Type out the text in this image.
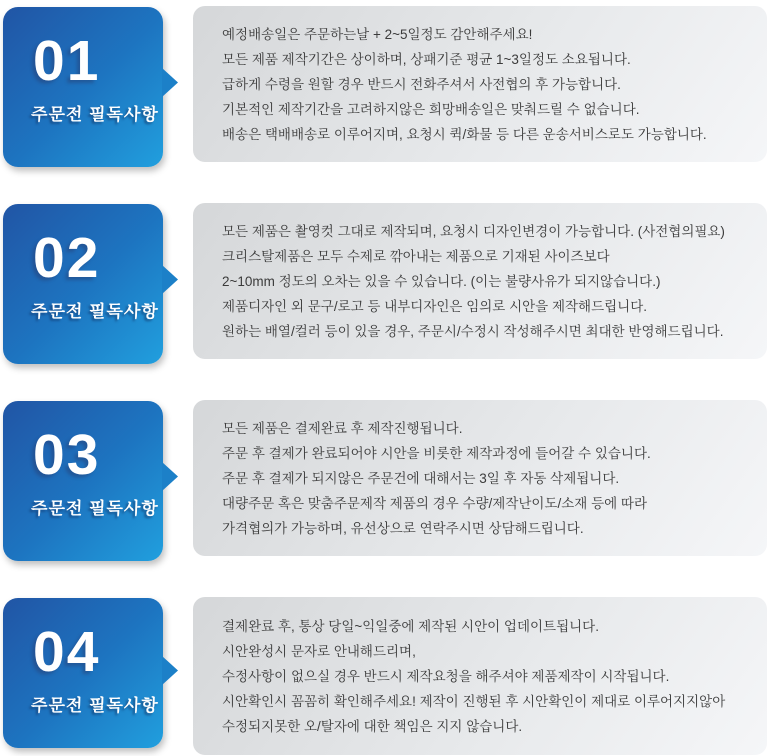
01
주문전 필독사항

예정배송일은 주문하는날 + 2~5일정도 감안해주세요!

모든 제품 제작기간은 상이하며, 상패기준 평균 1~3일정도 소요됩니다.

급하게 수령을 원할 경우 반드시 전화주셔서 사전협의 후 가능합니다.

기본적인 제작기간을 고려하지않은 희망배송일은 맞춰드릴 수 없습니다.

배송은 택배배송로 이루어지며, 요청시 퀵/화물 등 다른 운송서비스로도 가능합니다.

02
주문전 필독사항

모든 제품은 촬영컷 그대로 제작되며, 요청시 디자인변경이 가능합니다. (사전협의필요)

크리스탈제품은 모두 수제로 깎아내는 제품으로 기재된 사이즈보다

2~10mm 정도의 오차는 있을 수 있습니다. (이는 불량사유가 되지않습니다.)

제품디자인 외 문구/로고 등 내부디자인은 임의로 시안을 제작해드립니다.

원하는 배열/컬러 등이 있을 경우, 주문시/수정시 작성해주시면 최대한 반영해드립니다.

03
주문전 필독사항

모든 제품은 결제완료 후 제작진행됩니다.

주문 후 결제가 완료되어야 시안을 비롯한 제작과정에 들어갈 수 있습니다.

주문 후 결제가 되지않은 주문건에 대해서는 3일 후 자동 삭제됩니다.

대량주문 혹은 맞춤주문제작 제품의 경우 수량/제작난이도/소재 등에 따라

가격협의가 가능하며, 유선상으로 연락주시면 상담해드립니다.

04
주문전 필독사항

결제완료 후, 통상 당일~익일중에 제작된 시안이 업데이트됩니다.

시안완성시 문자로 안내해드리며,

수정사항이 없으실 경우 반드시 제작요청을 해주셔야 제품제작이 시작됩니다.

시안확인시 꼼꼼히 확인해주세요! 제작이 진행된 후 시안확인이 제대로 이루어지지않아

수정되지못한 오/탈자에 대한 책임은 지지 않습니다.
